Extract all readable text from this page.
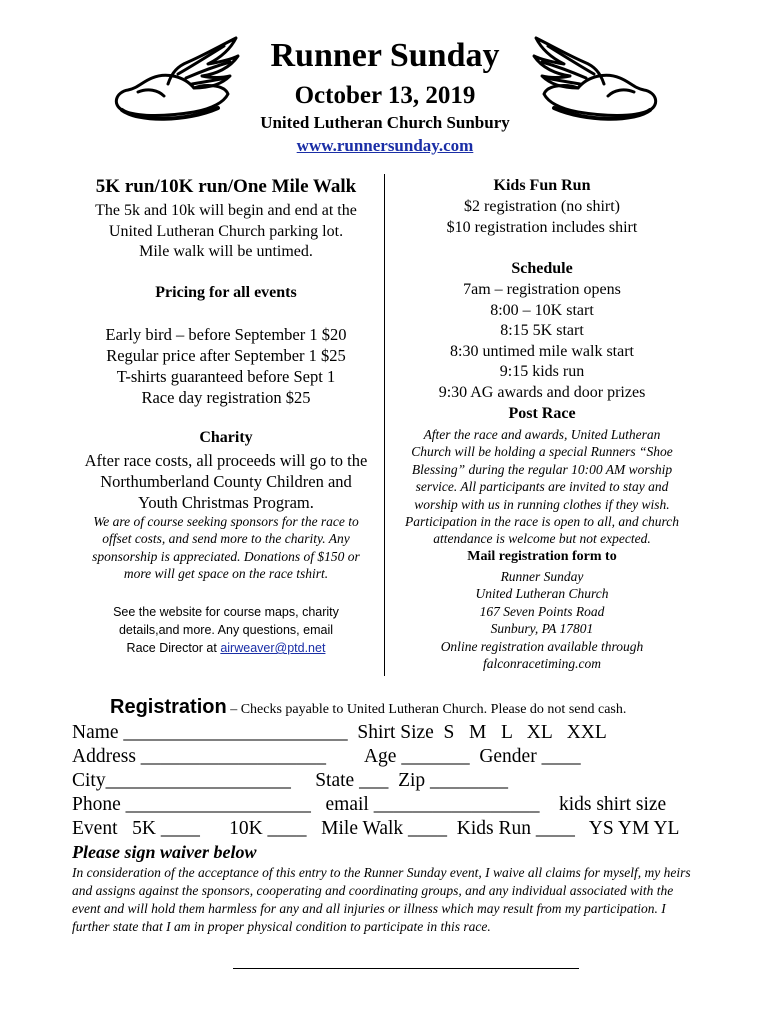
Runner Sunday
October 13, 2019
United Lutheran Church Sunbury
www.runnersunday.com
5K run/10K run/One Mile Walk
The 5k and 10k will begin and end at the
United Lutheran Church parking lot.
Mile walk will be untimed.
Pricing for all events
Early bird – before September 1 $20
Regular price after September 1 $25
T-shirts guaranteed before Sept 1
Race day registration $25
Charity
After race costs, all proceeds will go to the
Northumberland County Children and
Youth Christmas Program.
We are of course seeking sponsors for the race to
offset costs, and send more to the charity. Any
sponsorship is appreciated. Donations of $150 or
more will get space on the race tshirt.
See the website for course maps, charity
details,and more. Any questions, email
Race Director at airweaver@ptd.net
Kids Fun Run
$2 registration (no shirt)
$10 registration includes shirt
Schedule
7am – registration opens
8:00 – 10K start
8:15 5K start
8:30 untimed mile walk start
9:15 kids run
9:30 AG awards and door prizes
Post Race
After the race and awards, United Lutheran
Church will be holding a special Runners “Shoe
Blessing” during the regular 10:00 AM worship
service. All participants are invited to stay and
worship with us in running clothes if they wish.
Participation in the race is open to all, and church
attendance is welcome but not expected.
Mail registration form to
Runner Sunday
United Lutheran Church
167 Seven Points Road
Sunbury, PA 17801
Online registration available through
falconracetiming.com
Registration – Checks payable to United Lutheran Church. Please do not send cash.
Name _______________________  Shirt Size  S   M   L   XL   XXL
Address ___________________        Age _______  Gender ____
City___________________     State ___  Zip ________
Phone ___________________   email _________________    kids shirt size
Event   5K ____      10K ____   Mile Walk ____  Kids Run ____   YS YM YL
Please sign waiver below
In consideration of the acceptance of this entry to the Runner Sunday event, I waive all claims for myself, my heirs and assigns against the sponsors, cooperating and coordinating groups, and any individual associated with the event and will hold them harmless for any and all injuries or illness which may result from my participation. I further state that I am in proper physical condition to participate in this race.
